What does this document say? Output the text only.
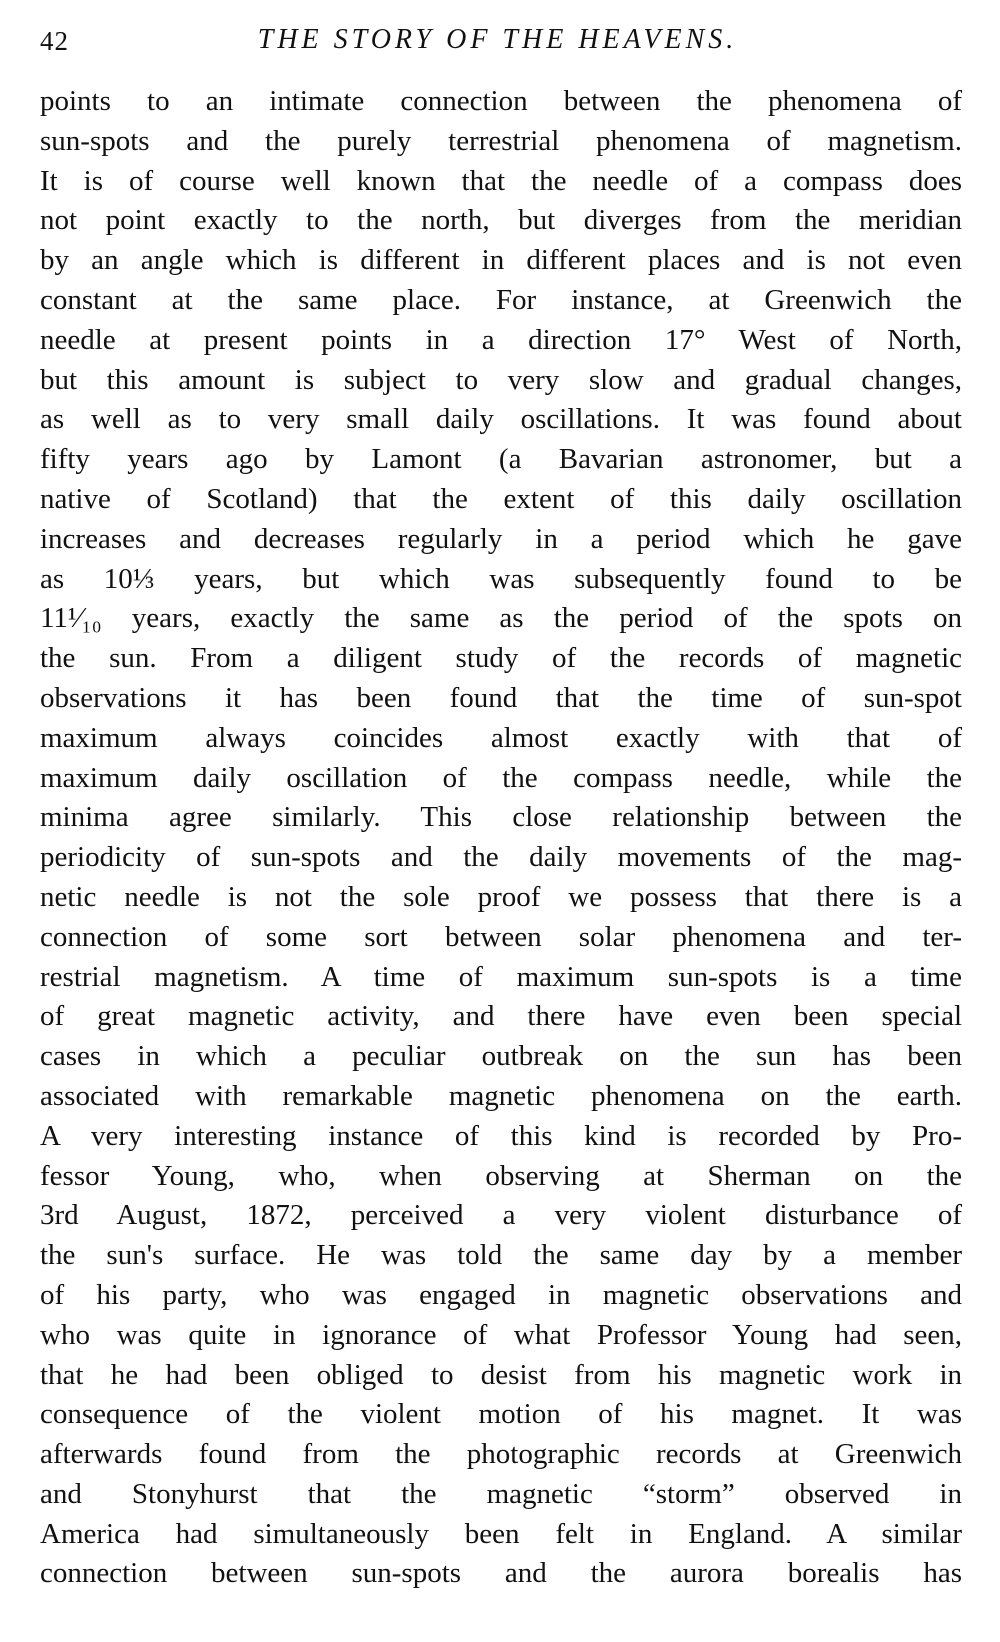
42	THE STORY OF THE HEAVENS.
points to an intimate connection between the phenomena of
sun-spots and the purely terrestrial phenomena of magnetism.
It is of course well known that the needle of a compass does
not point exactly to the north, but diverges from the meridian
by an angle which is different in different places and is not even
constant at the same place. For instance, at Greenwich the
needle at present points in a direction 17° West of North,
but this amount is subject to very slow and gradual changes,
as well as to very small daily oscillations. It was found about
fifty years ago by Lamont (a Bavarian astronomer, but a
native of Scotland) that the extent of this daily oscillation
increases and decreases regularly in a period which he gave
as 10⅓ years, but which was subsequently found to be
11¹⁄₁₀ years, exactly the same as the period of the spots on
the sun. From a diligent study of the records of magnetic
observations it has been found that the time of sun-spot
maximum always coincides almost exactly with that of
maximum daily oscillation of the compass needle, while the
minima agree similarly. This close relationship between the
periodicity of sun-spots and the daily movements of the mag-
netic needle is not the sole proof we possess that there is a
connection of some sort between solar phenomena and ter-
restrial magnetism. A time of maximum sun-spots is a time
of great magnetic activity, and there have even been special
cases in which a peculiar outbreak on the sun has been
associated with remarkable magnetic phenomena on the earth.
A very interesting instance of this kind is recorded by Pro-
fessor Young, who, when observing at Sherman on the
3rd August, 1872, perceived a very violent disturbance of
the sun's surface. He was told the same day by a member
of his party, who was engaged in magnetic observations and
who was quite in ignorance of what Professor Young had seen,
that he had been obliged to desist from his magnetic work in
consequence of the violent motion of his magnet. It was
afterwards found from the photographic records at Greenwich
and Stonyhurst that the magnetic “storm” observed in
America had simultaneously been felt in England. A similar
connection between sun-spots and the aurora borealis has
